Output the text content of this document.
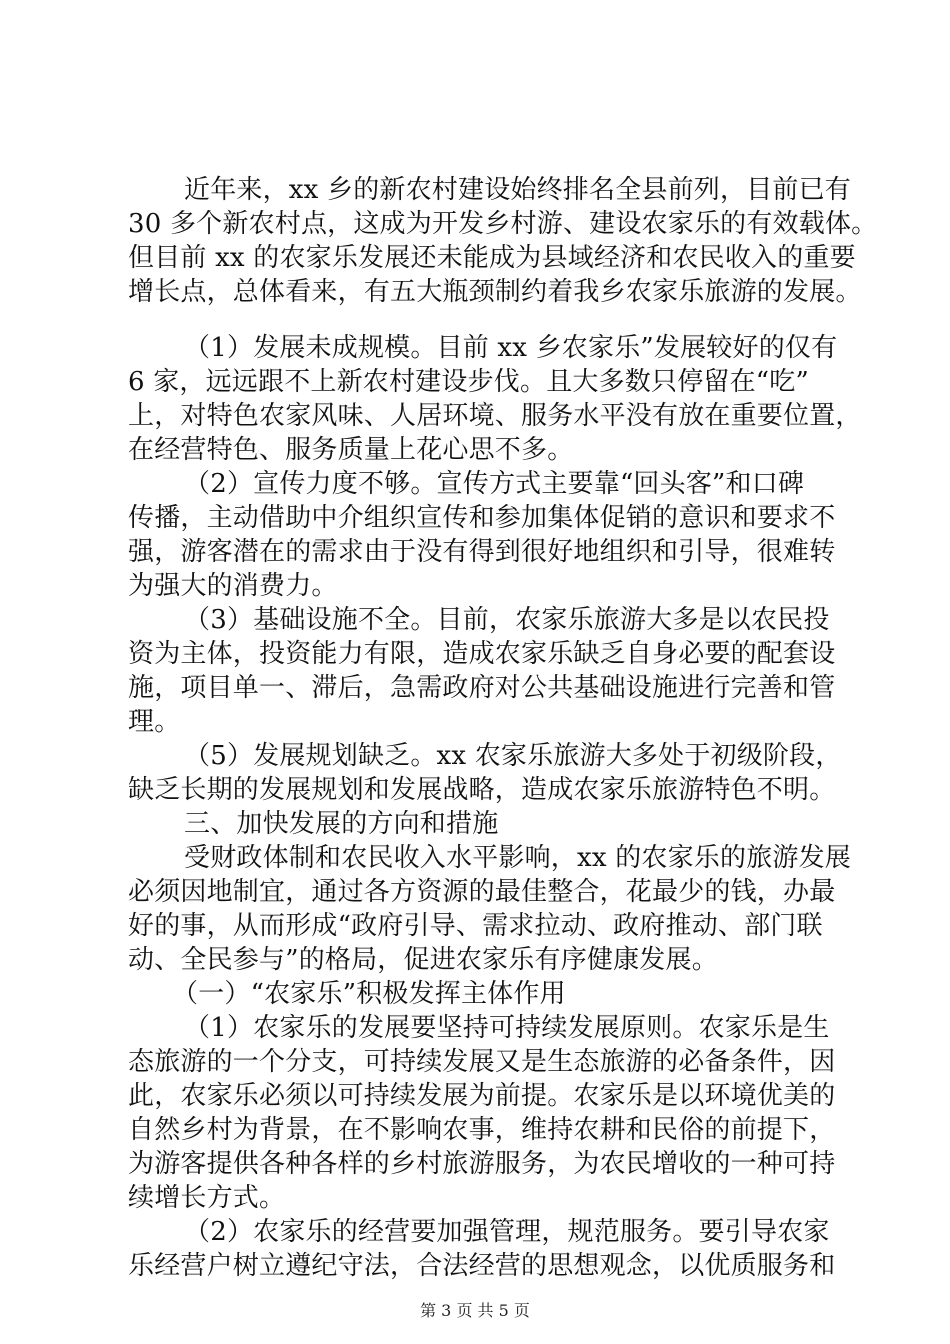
近年来，xx 乡的新农村建设始终排名全县前列，目前已有
30 多个新农村点，这成为开发乡村游、建设农家乐的有效载体。
但目前 xx 的农家乐发展还未能成为县域经济和农民收入的重要
增长点，总体看来，有五大瓶颈制约着我乡农家乐旅游的发展。
（1）发展未成规模。目前 xx 乡农家乐”发展较好的仅有
6 家，远远跟不上新农村建设步伐。且大多数只停留在“吃”
上，对特色农家风味、人居环境、服务水平没有放在重要位置，
在经营特色、服务质量上花心思不多。
（2）宣传力度不够。宣传方式主要靠“回头客”和口碑
传播，主动借助中介组织宣传和参加集体促销的意识和要求不
强，游客潜在的需求由于没有得到很好地组织和引导，很难转
为强大的消费力。
（3）基础设施不全。目前，农家乐旅游大多是以农民投
资为主体，投资能力有限，造成农家乐缺乏自身必要的配套设
施，项目单一、滞后，急需政府对公共基础设施进行完善和管
理。
（5）发展规划缺乏。xx 农家乐旅游大多处于初级阶段，
缺乏长期的发展规划和发展战略，造成农家乐旅游特色不明。
三、加快发展的方向和措施
受财政体制和农民收入水平影响，xx 的农家乐的旅游发展
必须因地制宜，通过各方资源的最佳整合，花最少的钱，办最
好的事，从而形成“政府引导、需求拉动、政府推动、部门联
动、全民参与”的格局，促进农家乐有序健康发展。
（一）“农家乐”积极发挥主体作用
（1）农家乐的发展要坚持可持续发展原则。农家乐是生
态旅游的一个分支，可持续发展又是生态旅游的必备条件，因
此，农家乐必须以可持续发展为前提。农家乐是以环境优美的
自然乡村为背景，在不影响农事，维持农耕和民俗的前提下，
为游客提供各种各样的乡村旅游服务，为农民增收的一种可持
续增长方式。
（2）农家乐的经营要加强管理，规范服务。要引导农家
乐经营户树立遵纪守法，合法经营的思想观念，以优质服务和
第 3 页 共 5 页
